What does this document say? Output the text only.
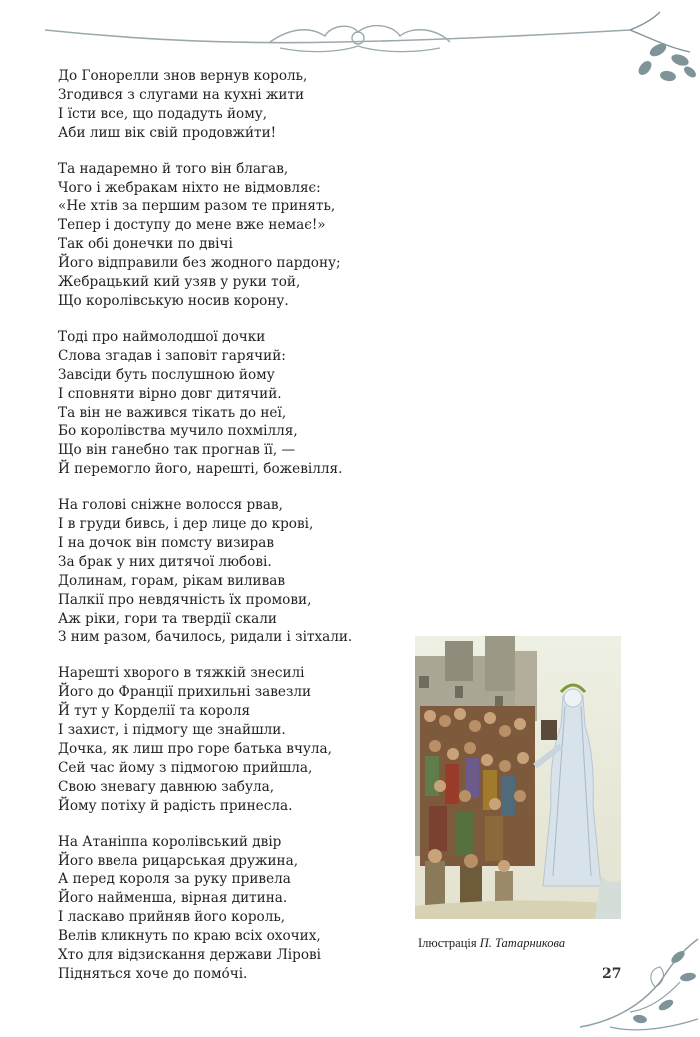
До Гонорелли знов вернув король,
Згодився з слугами на кухні жити
І їсти все, що подадуть йому,
Аби лиш вік свій продовжи́ти!
Та надаремно й того він благав,
Чого і жебракам ніхто не відмовляє:
«Не хтів за першим разом те принять,
Тепер і доступу до мене вже немає!»
Так обі донечки по двічі
Його відправили без жодного пардону;
Жебрацький кий узяв у руки той,
Що королівськую носив корону.
Тоді про наймолодшої дочки
Слова згадав і заповіт гарячий:
Завсіди буть послушною йому
І сповняти вірно довг дитячий.
Та він не важився тікать до неї,
Бо королівства мучило похмілля,
Що він ганебно так прогнав її, —
Й перемогло його, нарешті, божевілля.
На голові сніжне волосся рвав,
І в груди бивсь, і дер лице до крові,
І на дочок він помсту визирав
За брак у них дитячої любові.
Долинам, горам, рікам виливав
Палкії про невдячність їх промови,
Аж ріки, гори та твердії скали
З ним разом, бачилось, ридали і зітхали.
Нарешті хворого в тяжкій знесилі
Його до Франції прихильні завезли
Й тут у Корделії та короля
І захист, і підмогу ще знайшли.
Дочка, як лиш про горе батька вчула,
Сей час йому з підмогою прийшла,
Свою зневагу давнюю забула,
Йому потіху й радість принесла.
На Атаніппа королівський двір
Його ввела рицарськая дружина,
А перед короля за руку привела
Його найменша, вірная дитина.
І ласкаво прийняв його король,
Велів кликнуть по краю всіх охочих,
Хто для відзискання держави Лірові
Підняться хоче до помо́чі.
Ілюстрація П. Татарникова
27
